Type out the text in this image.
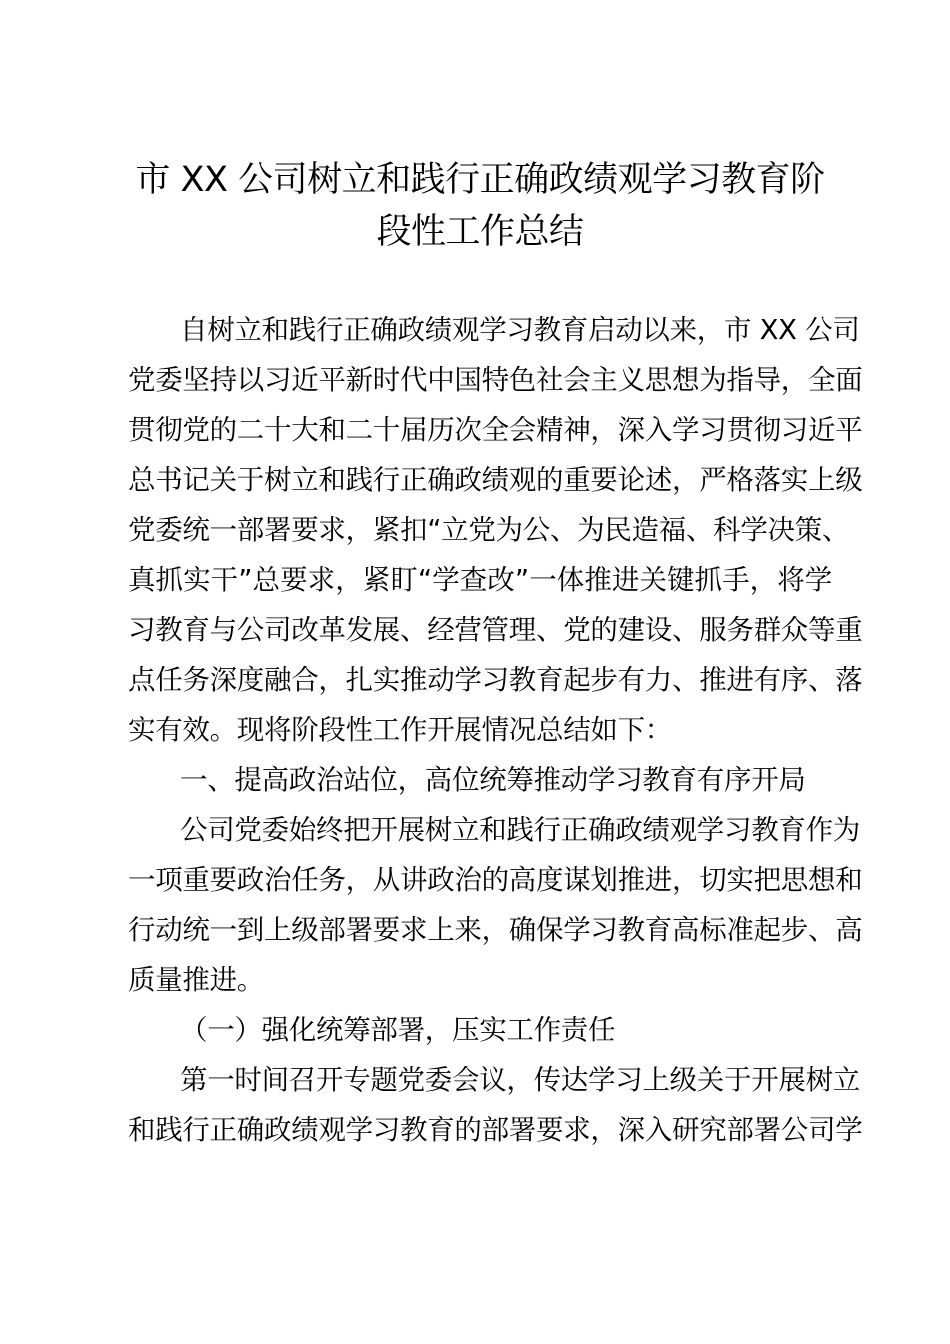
市 XX 公司树立和践行正确政绩观学习教育阶
段性工作总结
自树立和践行正确政绩观学习教育启动以来，市 XX 公司
党委坚持以习近平新时代中国特色社会主义思想为指导，全面
贯彻党的二十大和二十届历次全会精神，深入学习贯彻习近平
总书记关于树立和践行正确政绩观的重要论述，严格落实上级
党委统一部署要求，紧扣“立党为公、为民造福、科学决策、
真抓实干”总要求，紧盯“学查改”一体推进关键抓手，将学
习教育与公司改革发展、经营管理、党的建设、服务群众等重
点任务深度融合，扎实推动学习教育起步有力、推进有序、落
实有效。现将阶段性工作开展情况总结如下：
一、提高政治站位，高位统筹推动学习教育有序开局
公司党委始终把开展树立和践行正确政绩观学习教育作为
一项重要政治任务，从讲政治的高度谋划推进，切实把思想和
行动统一到上级部署要求上来，确保学习教育高标准起步、高
质量推进。
（一）强化统筹部署，压实工作责任
第一时间召开专题党委会议，传达学习上级关于开展树立
和践行正确政绩观学习教育的部署要求，深入研究部署公司学
